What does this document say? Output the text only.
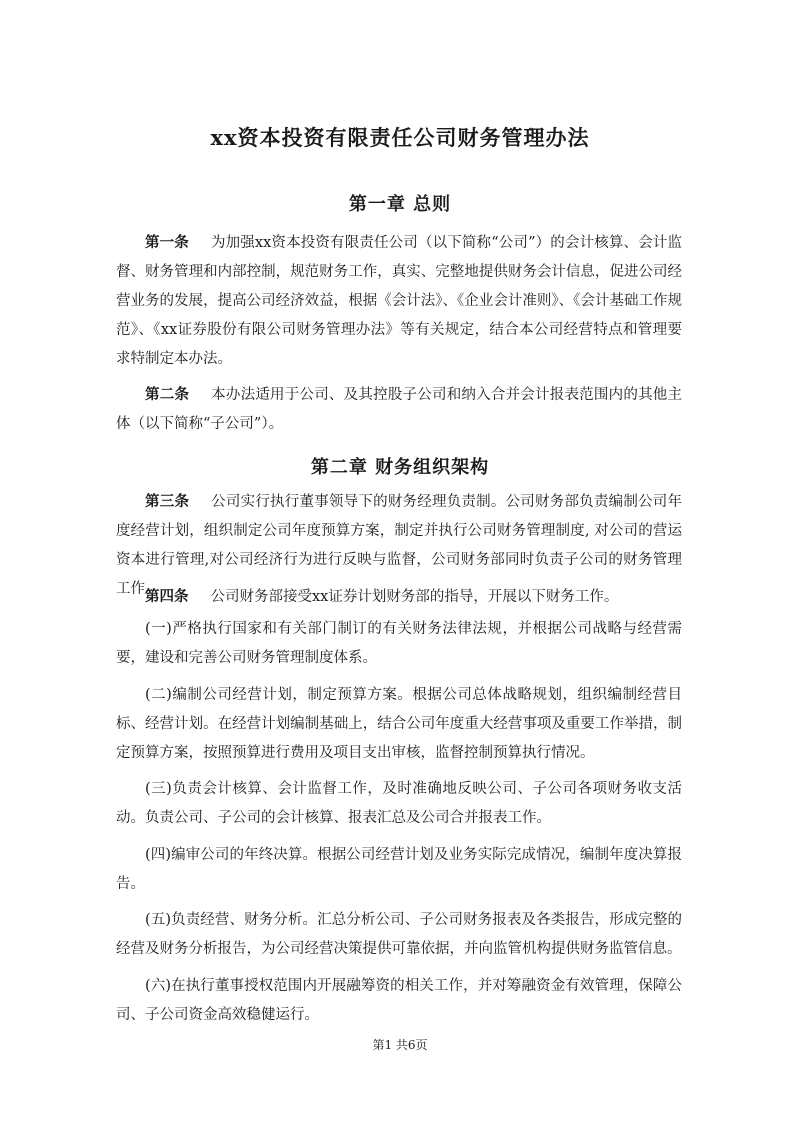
xx资本投资有限责任公司财务管理办法
第一章 总则

第一条 为加强xx资本投资有限责任公司（以下简称“公司”）的会计核算、会计监督、财务管理和内部控制，规范财务工作，真实、完整地提供财务会计信息，促进公司经营业务的发展，提高公司经济效益，根据《会计法》、《企业会计准则》、《会计基础工作规范》、《xx证券股份有限公司财务管理办法》等有关规定，结合本公司经营特点和管理要求特制定本办法。

第二条 本办法适用于公司、及其控股子公司和纳入合并会计报表范围内的其他主体（以下简称“子公司”）。

第二章 财务组织架构

第三条 公司实行执行董事领导下的财务经理负责制。公司财务部负责编制公司年度经营计划，组织制定公司年度预算方案，制定并执行公司财务管理制度, 对公司的营运资本进行管理,对公司经济行为进行反映与监督，公司财务部同时负责子公司的财务管理工作。

第四条 公司财务部接受xx证券计划财务部的指导，开展以下财务工作。

(一)严格执行国家和有关部门制订的有关财务法律法规，并根据公司战略与经营需要，建设和完善公司财务管理制度体系。

(二)编制公司经营计划，制定预算方案。根据公司总体战略规划，组织编制经营目标、经营计划。在经营计划编制基础上，结合公司年度重大经营事项及重要工作举措，制定预算方案，按照预算进行费用及项目支出审核，监督控制预算执行情况。

(三)负责会计核算、会计监督工作，及时准确地反映公司、子公司各项财务收支活动。负责公司、子公司的会计核算、报表汇总及公司合并报表工作。

(四)编审公司的年终决算。根据公司经营计划及业务实际完成情况，编制年度决算报告。

(五)负责经营、财务分析。汇总分析公司、子公司财务报表及各类报告，形成完整的经营及财务分析报告，为公司经营决策提供可靠依据，并向监管机构提供财务监管信息。

(六)在执行董事授权范围内开展融筹资的相关工作，并对筹融资金有效管理，保障公司、子公司资金高效稳健运行。

第1 共6页
